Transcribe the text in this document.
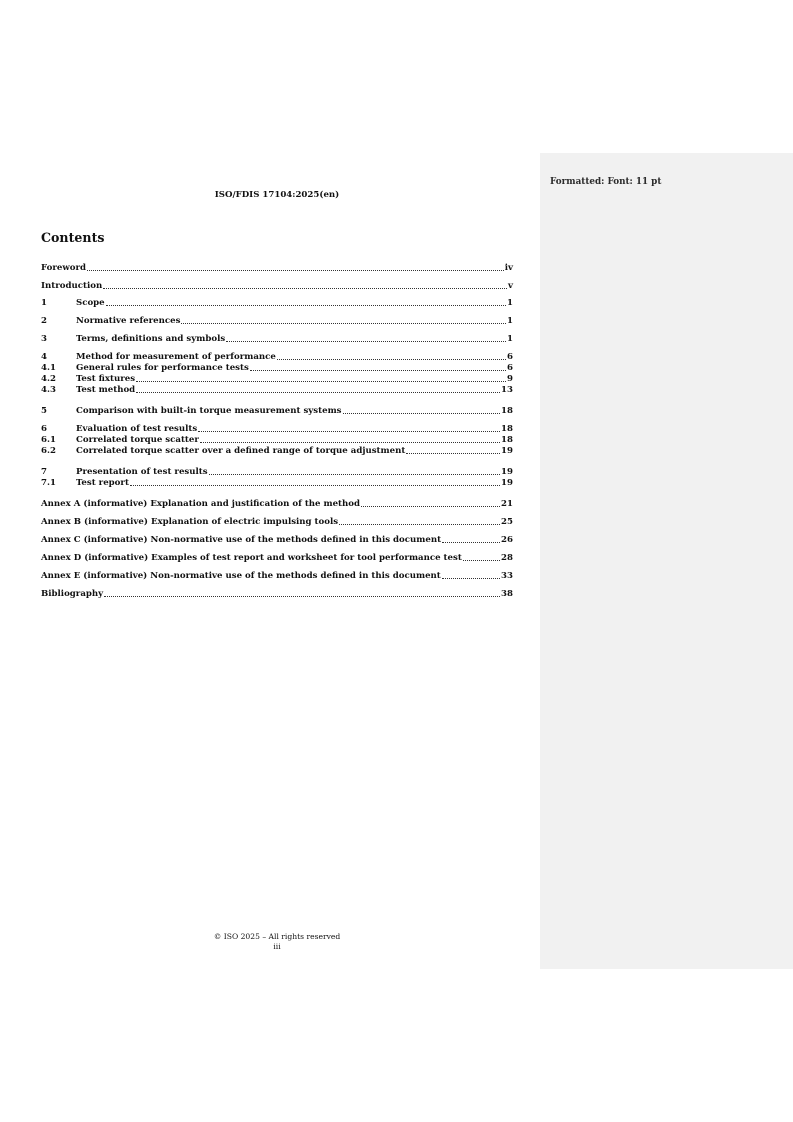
Formatted: Font: 11 pt
ISO/FDIS 17104:2025(en)
Contents
Foreword	iv
Introduction	v
1	Scope	1
2	Normative references	1
3	Terms, definitions and symbols	1
4	Method for measurement of performance	6
4.1	General rules for performance tests	6
4.2	Test fixtures	9
4.3	Test method	13
5	Comparison with built-in torque measurement systems	18
6	Evaluation of test results	18
6.1	Correlated torque scatter	18
6.2	Correlated torque scatter over a defined range of torque adjustment	19
7	Presentation of test results	19
7.1	Test report	19
Annex A (informative) Explanation and justification of the method	21
Annex B (informative) Explanation of electric impulsing tools	25
Annex C (informative) Non-normative use of the methods defined in this document	26
Annex D (informative) Examples of test report and worksheet for tool performance test	28
Annex E (informative) Non-normative use of the methods defined in this document	33
Bibliography	38
© ISO 2025 – All rights reserved
iii
